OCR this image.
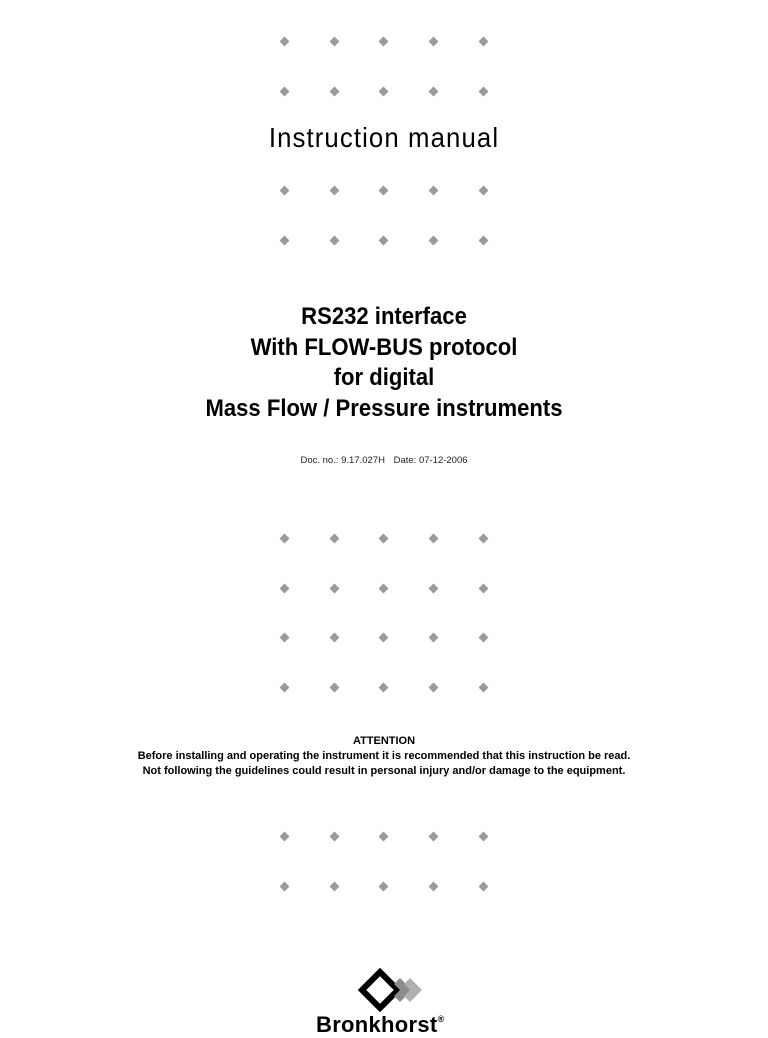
Instruction manual
RS232 interface
With FLOW-BUS protocol
for digital
Mass Flow / Pressure instruments
Doc. no.: 9.17.027H Date: 07-12-2006
ATTENTION
Before installing and operating the instrument it is recommended that this instruction be read.
Not following the guidelines could result in personal injury and/or damage to the equipment.
Bronkhorst®
